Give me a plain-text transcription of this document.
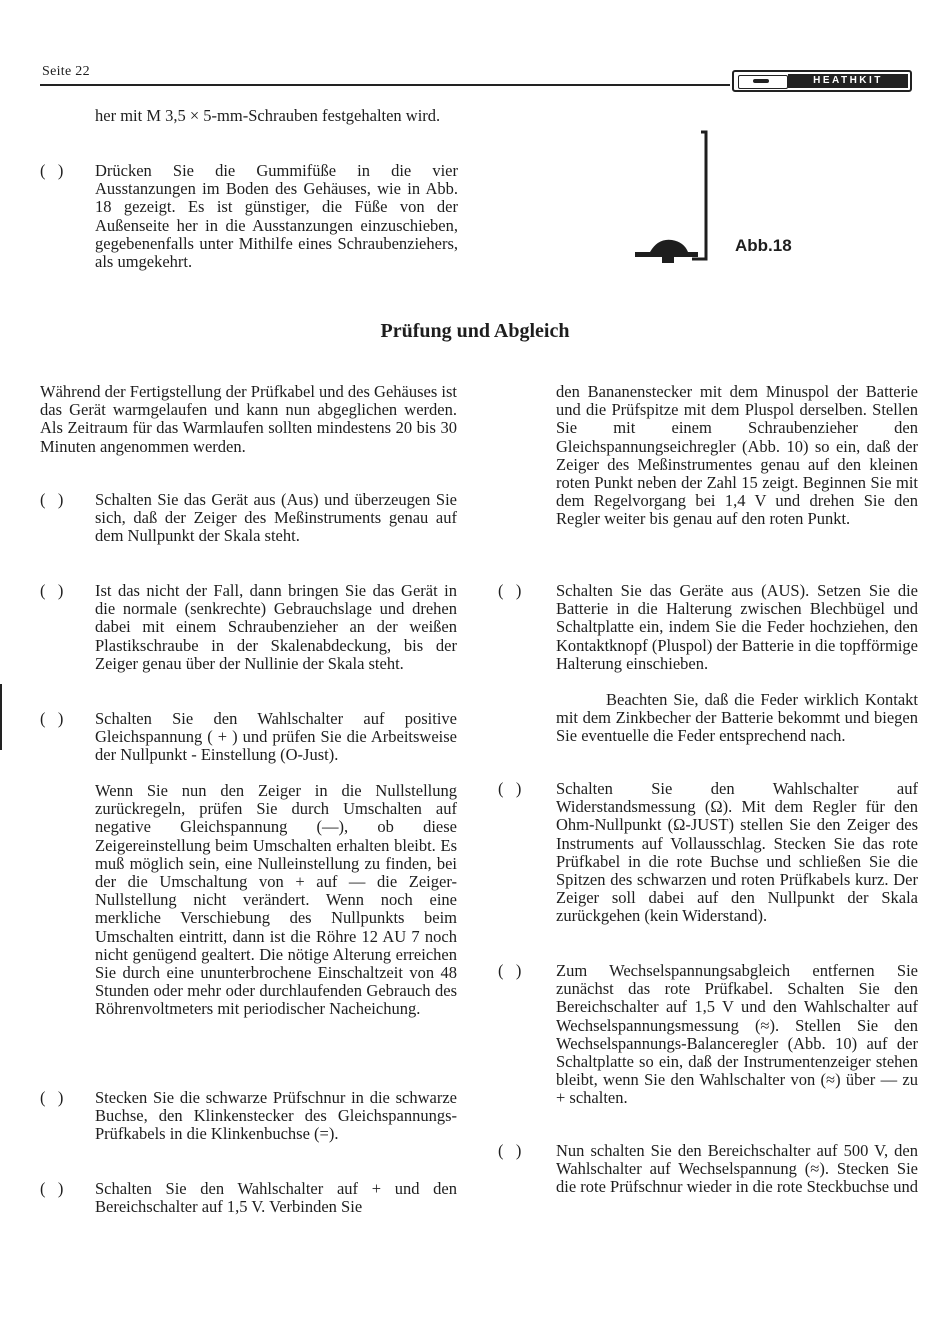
Seite 22
HEATHKIT
her mit M 3,5 × 5-mm-Schrauben festgehalten wird.
(   ) Drücken Sie die Gummifüße in die vier Ausstanzungen im Boden des Gehäuses, wie in Abb. 18 gezeigt. Es ist günstiger, die Füße von der Außenseite her in die Ausstanzungen einzuschieben, gegebenenfalls unter Mithilfe eines Schraubenziehers, als umgekehrt.
Abb.18
Prüfung und Abgleich
Während der Fertigstellung der Prüfkabel und des Gehäuses ist das Gerät warmgelaufen und kann nun abgeglichen werden. Als Zeitraum für das Warmlaufen sollten mindestens 20 bis 30 Minuten angenommen werden.
(   ) Schalten Sie das Gerät aus (Aus) und überzeugen Sie sich, daß der Zeiger des Meßinstruments genau auf dem Nullpunkt der Skala steht.
(   ) Ist das nicht der Fall, dann bringen Sie das Gerät in die normale (senkrechte) Gebrauchslage und drehen dabei mit einem Schraubenzieher an der weißen Plastikschraube in der Skalenabdeckung, bis der Zeiger genau über der Nullinie der Skala steht.
(   ) Schalten Sie den Wahlschalter auf positive Gleichspannung ( + ) und prüfen Sie die Arbeitsweise der Nullpunkt - Einstellung (O-Just).
Wenn Sie nun den Zeiger in die Nullstellung zurückregeln, prüfen Sie durch Umschalten auf negative Gleichspannung (—), ob diese Zeigereinstellung beim Umschalten erhalten bleibt. Es muß möglich sein, eine Nulleinstellung zu finden, bei der die Umschaltung von + auf — die Zeiger-Nullstellung nicht verändert. Wenn noch eine merkliche Verschiebung des Nullpunkts beim Umschalten eintritt, dann ist die Röhre 12 AU 7 noch nicht genügend gealtert. Die nötige Alterung erreichen Sie durch eine ununterbrochene Einschaltzeit von 48 Stunden oder mehr oder durchlaufenden Gebrauch des Röhrenvoltmeters mit periodischer Nacheichung.
(   ) Stecken Sie die schwarze Prüfschnur in die schwarze Buchse, den Klinkenstecker des Gleichspannungs-Prüfkabels in die Klinkenbuchse (=).
(   ) Schalten Sie den Wahlschalter auf + und den Bereichschalter auf 1,5 V. Verbinden Sie
den Bananenstecker mit dem Minuspol der Batterie und die Prüfspitze mit dem Pluspol derselben. Stellen Sie mit einem Schraubenzieher den Gleichspannungseichregler (Abb. 10) so ein, daß der Zeiger des Meßinstrumentes genau auf den kleinen roten Punkt neben der Zahl 15 zeigt. Beginnen Sie mit dem Regelvorgang bei 1,4 V und drehen Sie den Regler weiter bis genau auf den roten Punkt.
(   ) Schalten Sie das Geräte aus (AUS). Setzen Sie die Batterie in die Halterung zwischen Blechbügel und Schaltplatte ein, indem Sie die Feder hochziehen, den Kontaktknopf (Pluspol) der Batterie in die topfförmige Halterung einschieben.
Beachten Sie, daß die Feder wirklich Kontakt mit dem Zinkbecher der Batterie bekommt und biegen Sie eventuelle die Feder entsprechend nach.
(   ) Schalten Sie den Wahlschalter auf Widerstandsmessung (Ω). Mit dem Regler für den Ohm-Nullpunkt (Ω-JUST) stellen Sie den Zeiger des Instruments auf Vollausschlag. Stecken Sie das rote Prüfkabel in die rote Buchse und schließen Sie die Spitzen des schwarzen und roten Prüfkabels kurz. Der Zeiger soll dabei auf den Nullpunkt der Skala zurückgehen (kein Widerstand).
(   ) Zum Wechselspannungsabgleich entfernen Sie zunächst das rote Prüfkabel. Schalten Sie den Bereichschalter auf 1,5 V und den Wahlschalter auf Wechselspannungsmessung (≈). Stellen Sie den Wechselspannungs-Balanceregler (Abb. 10) auf der Schaltplatte so ein, daß der Instrumentenzeiger stehen bleibt, wenn Sie den Wahlschalter von (≈) über — zu + schalten.
(   ) Nun schalten Sie den Bereichschalter auf 500 V, den Wahlschalter auf Wechselspannung (≈). Stecken Sie die rote Prüfschnur wieder in die rote Steckbuchse und
